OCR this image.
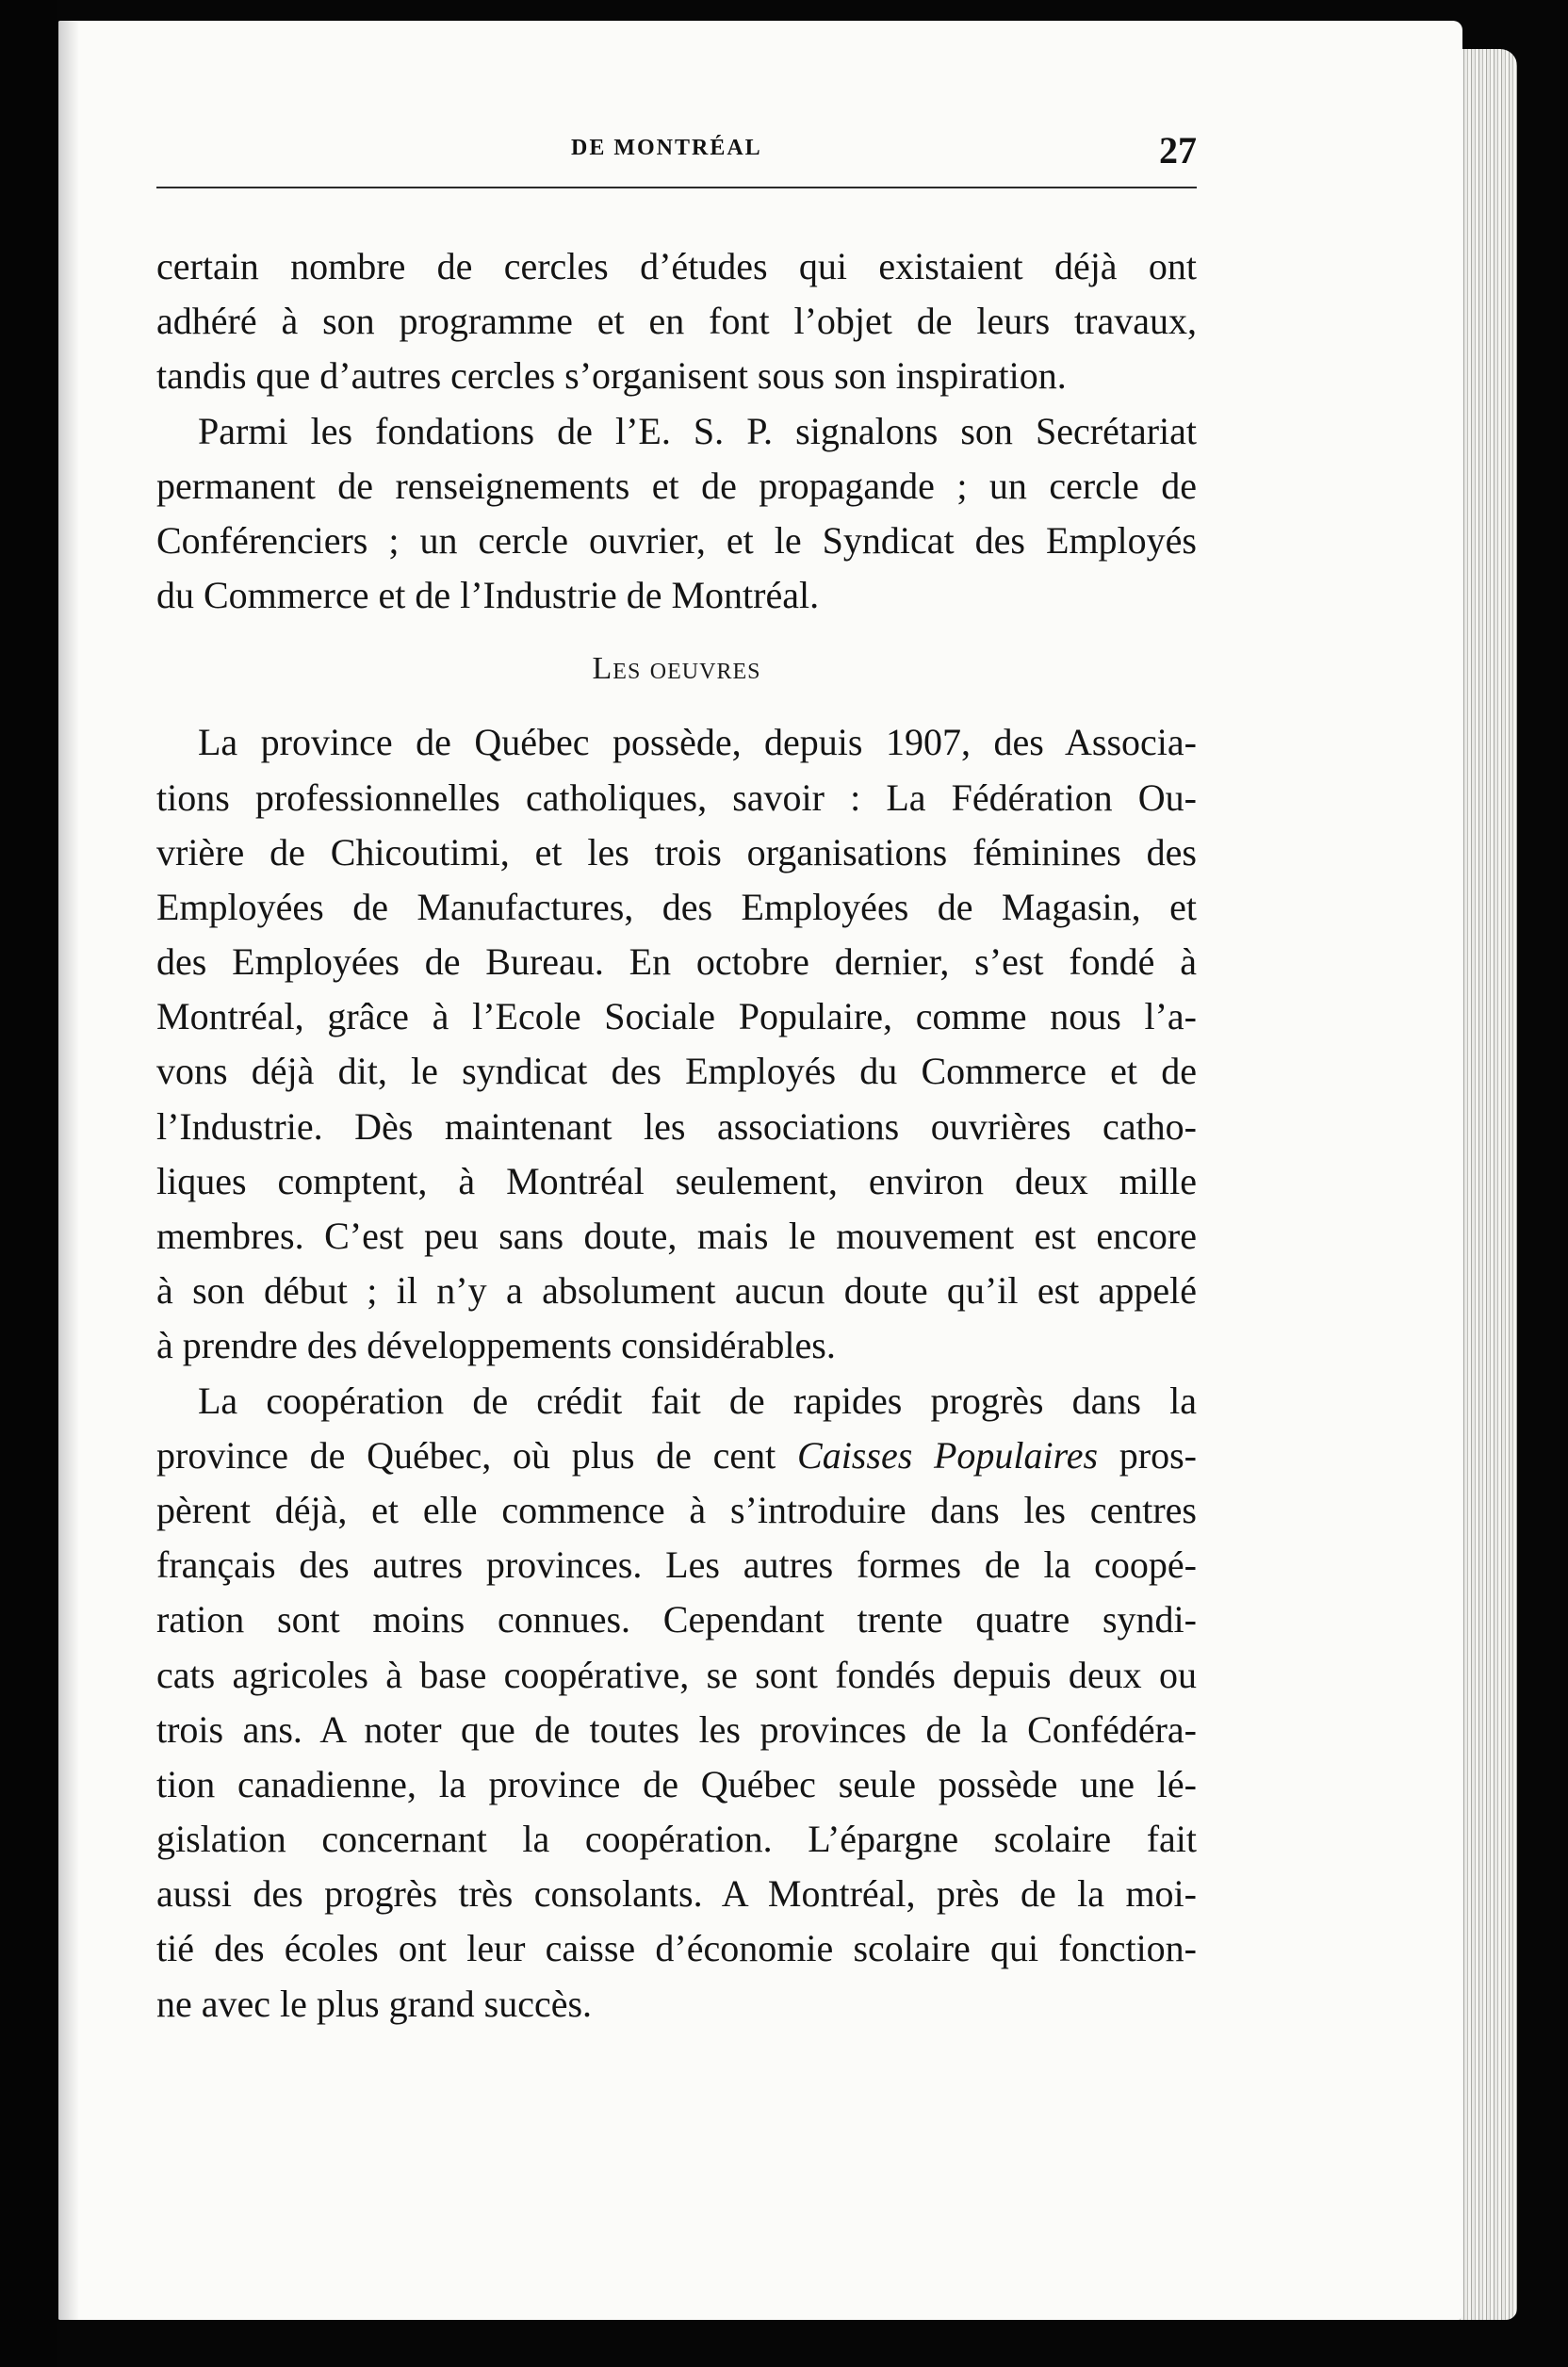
DE MONTRÉAL	27
certain nombre de cercles d’études qui existaient déjà ont
adhéré à son programme et en font l’objet de leurs travaux,
tandis que d’autres cercles s’organisent sous son inspiration.
Parmi les fondations de l’E. S. P. signalons son Secrétariat
permanent de renseignements et de propagande ; un cercle de
Conférenciers ; un cercle ouvrier, et le Syndicat des Employés
du Commerce et de l’Industrie de Montréal.
Les oeuvres
La province de Québec possède, depuis 1907, des Associa-
tions professionnelles catholiques, savoir : La Fédération Ou-
vrière de Chicoutimi, et les trois organisations féminines des
Employées de Manufactures, des Employées de Magasin, et
des Employées de Bureau. En octobre dernier, s’est fondé à
Montréal, grâce à l’Ecole Sociale Populaire, comme nous l’a-
vons déjà dit, le syndicat des Employés du Commerce et de
l’Industrie. Dès maintenant les associations ouvrières catho-
liques comptent, à Montréal seulement, environ deux mille
membres. C’est peu sans doute, mais le mouvement est encore
à son début ; il n’y a absolument aucun doute qu’il est appelé
à prendre des développements considérables.
La coopération de crédit fait de rapides progrès dans la
province de Québec, où plus de cent Caisses Populaires pros-
pèrent déjà, et elle commence à s’introduire dans les centres
français des autres provinces. Les autres formes de la coopé-
ration sont moins connues. Cependant trente quatre syndi-
cats agricoles à base coopérative, se sont fondés depuis deux ou
trois ans. A noter que de toutes les provinces de la Confédéra-
tion canadienne, la province de Québec seule possède une lé-
gislation concernant la coopération. L’épargne scolaire fait
aussi des progrès très consolants. A Montréal, près de la moi-
tié des écoles ont leur caisse d’économie scolaire qui fonction-
ne avec le plus grand succès.
